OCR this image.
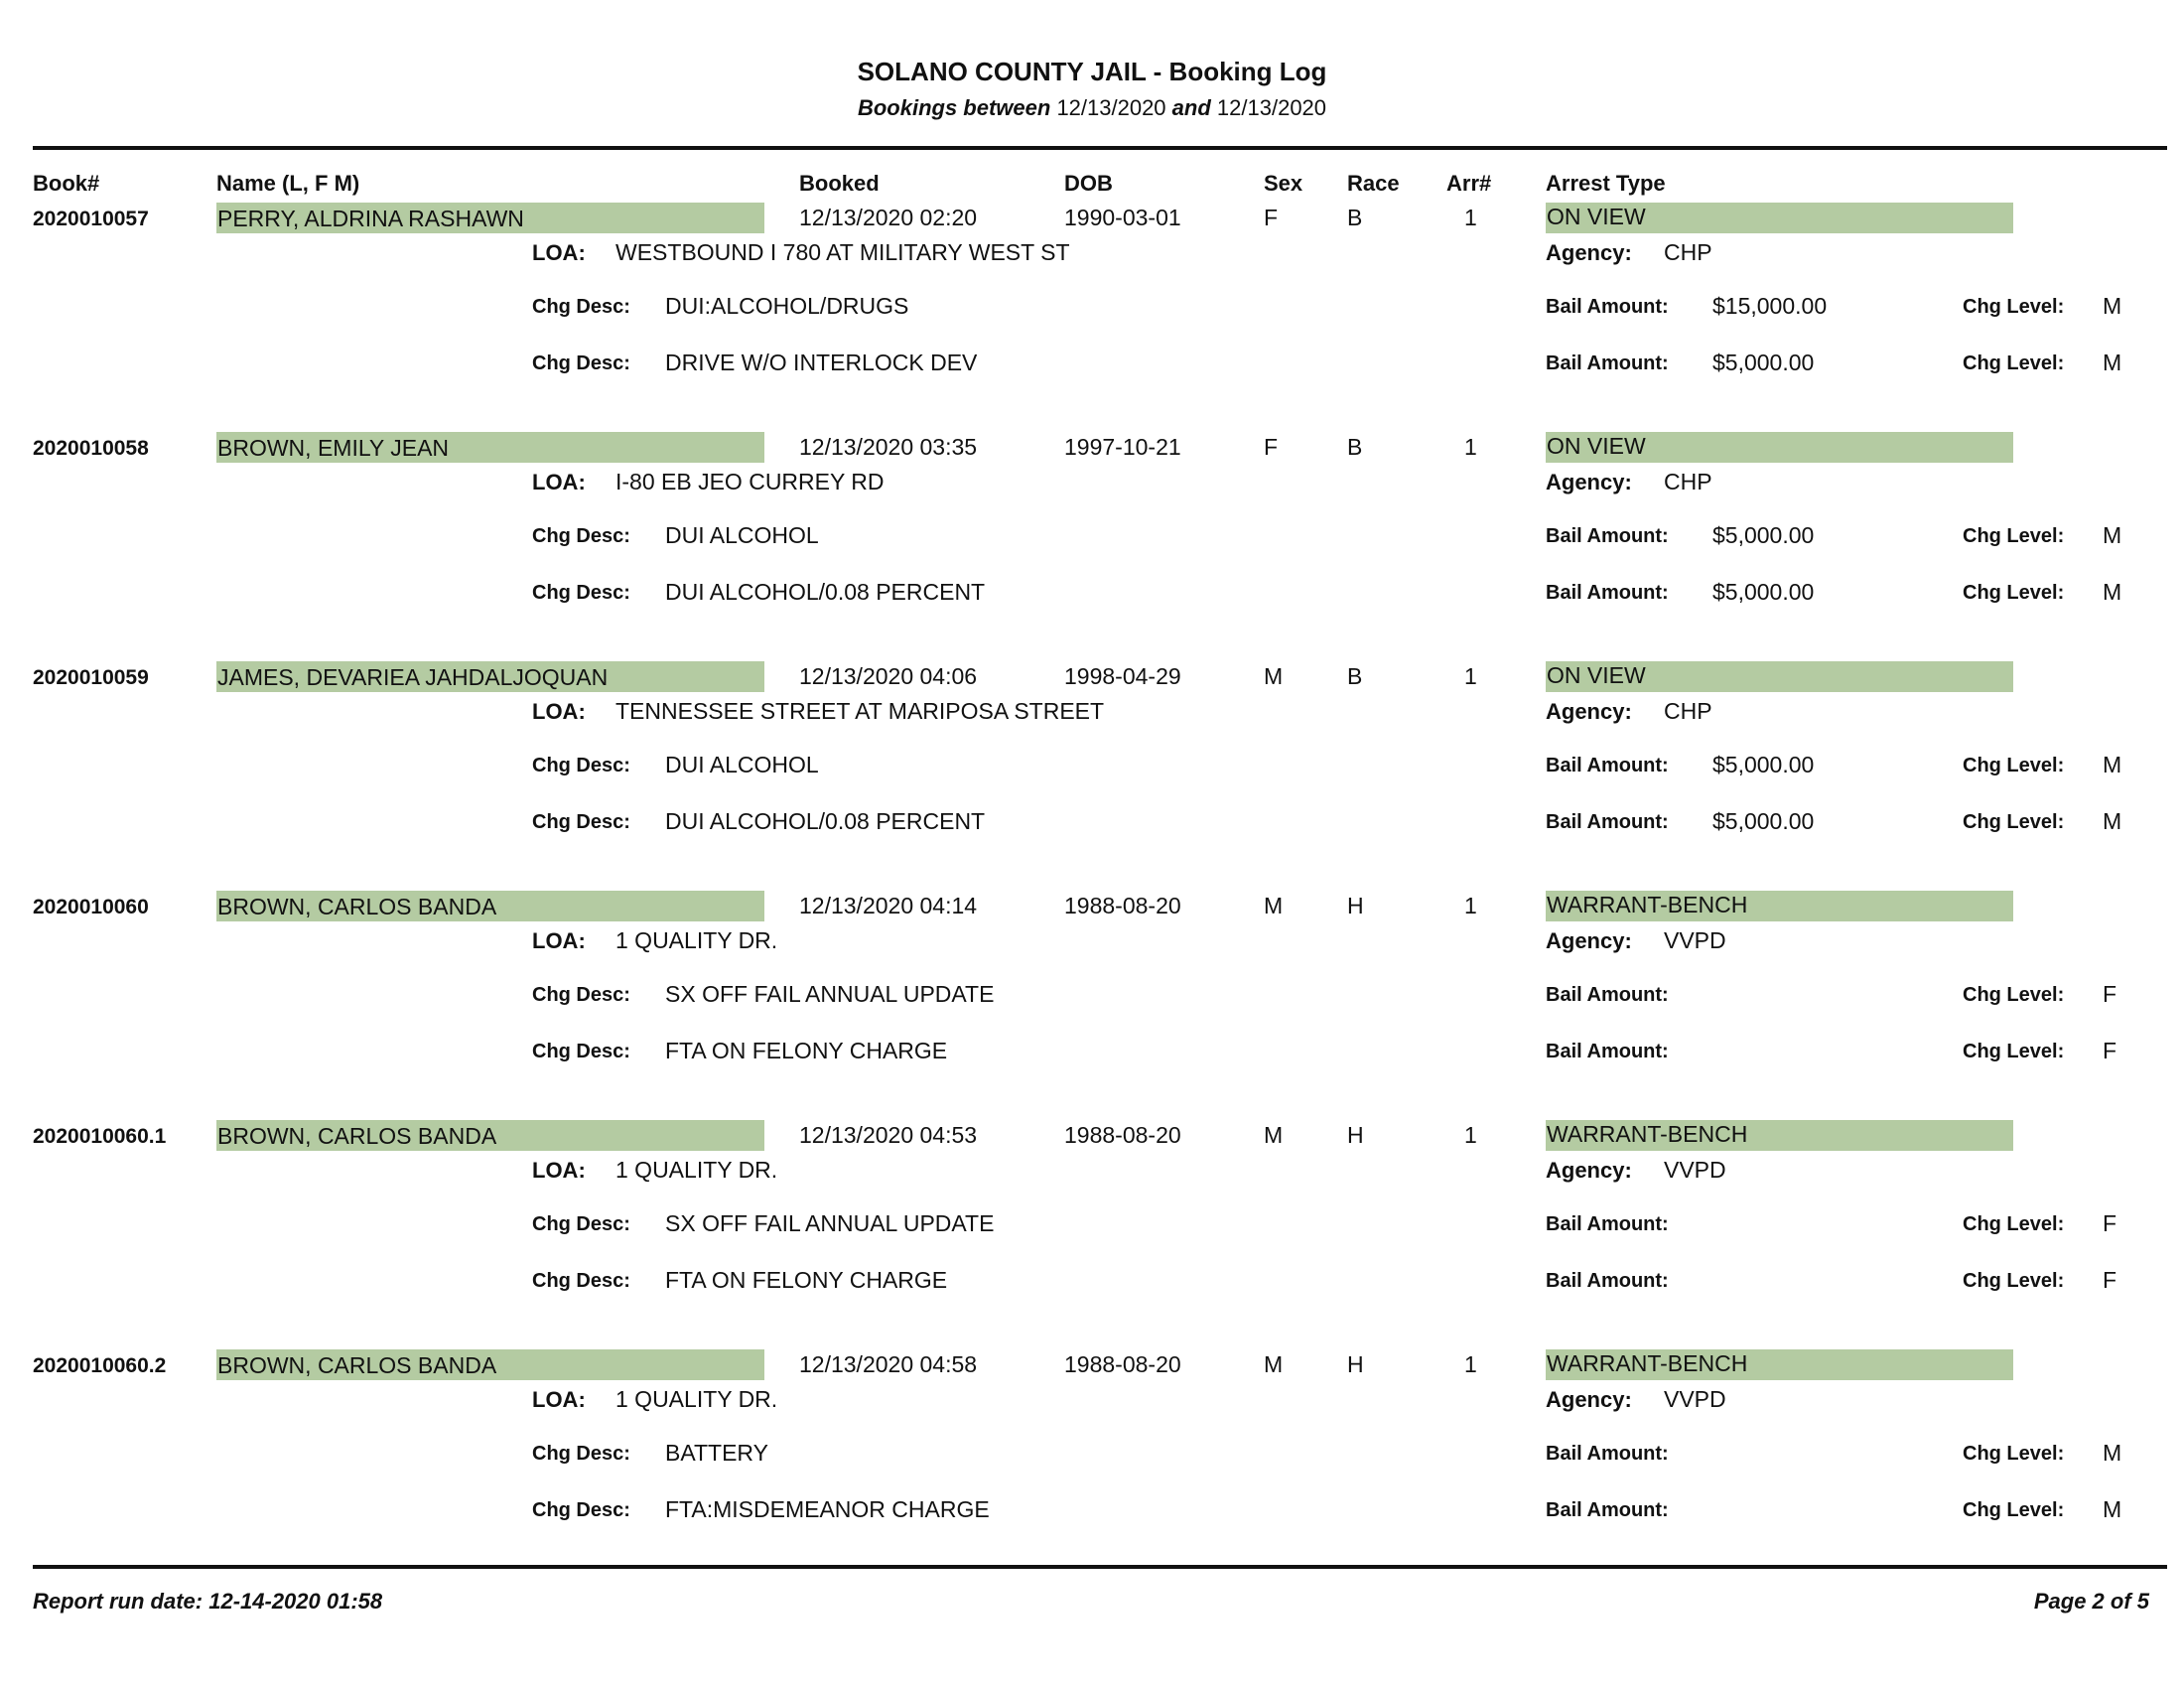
SOLANO COUNTY JAIL - Booking Log
Bookings between 12/13/2020 and 12/13/2020
Book#	Name (L, F M)	Booked	DOB	Sex Race Arr# Arrest Type
2020010057	PERRY, ALDRINA RASHAWN	12/13/2020 02:20	1990-03-01	F	B	1	ON VIEW
LOA: WESTBOUND I 780 AT MILITARY WEST ST	Agency: CHP
Chg Desc: DUI:ALCOHOL/DRUGS	Bail Amount: $15,000.00	Chg Level: M
Chg Desc: DRIVE W/O INTERLOCK DEV	Bail Amount: $5,000.00	Chg Level: M
2020010058	BROWN, EMILY JEAN	12/13/2020 03:35	1997-10-21	F	B	1	ON VIEW
LOA: I-80 EB JEO CURREY RD	Agency: CHP
Chg Desc: DUI ALCOHOL	Bail Amount: $5,000.00	Chg Level: M
Chg Desc: DUI ALCOHOL/0.08 PERCENT	Bail Amount: $5,000.00	Chg Level: M
2020010059	JAMES, DEVARIEA JAHDALJOQUAN	12/13/2020 04:06	1998-04-29	M	B	1	ON VIEW
LOA: TENNESSEE STREET AT MARIPOSA STREET	Agency: CHP
Chg Desc: DUI ALCOHOL	Bail Amount: $5,000.00	Chg Level: M
Chg Desc: DUI ALCOHOL/0.08 PERCENT	Bail Amount: $5,000.00	Chg Level: M
2020010060	BROWN, CARLOS BANDA	12/13/2020 04:14	1988-08-20	M	H	1	WARRANT-BENCH
LOA: 1 QUALITY DR.	Agency: VVPD
Chg Desc: SX OFF FAIL ANNUAL UPDATE	Bail Amount:	Chg Level: F
Chg Desc: FTA ON FELONY CHARGE	Bail Amount:	Chg Level: F
2020010060.1 BROWN, CARLOS BANDA	12/13/2020 04:53	1988-08-20	M	H	1	WARRANT-BENCH
LOA: 1 QUALITY DR.	Agency: VVPD
Chg Desc: SX OFF FAIL ANNUAL UPDATE	Bail Amount:	Chg Level: F
Chg Desc: FTA ON FELONY CHARGE	Bail Amount:	Chg Level: F
2020010060.2 BROWN, CARLOS BANDA	12/13/2020 04:58	1988-08-20	M	H	1	WARRANT-BENCH
LOA: 1 QUALITY DR.	Agency: VVPD
Chg Desc: BATTERY	Bail Amount:	Chg Level: M
Chg Desc: FTA:MISDEMEANOR CHARGE	Bail Amount:	Chg Level: M
Report run date: 12-14-2020 01:58	Page 2 of 5
